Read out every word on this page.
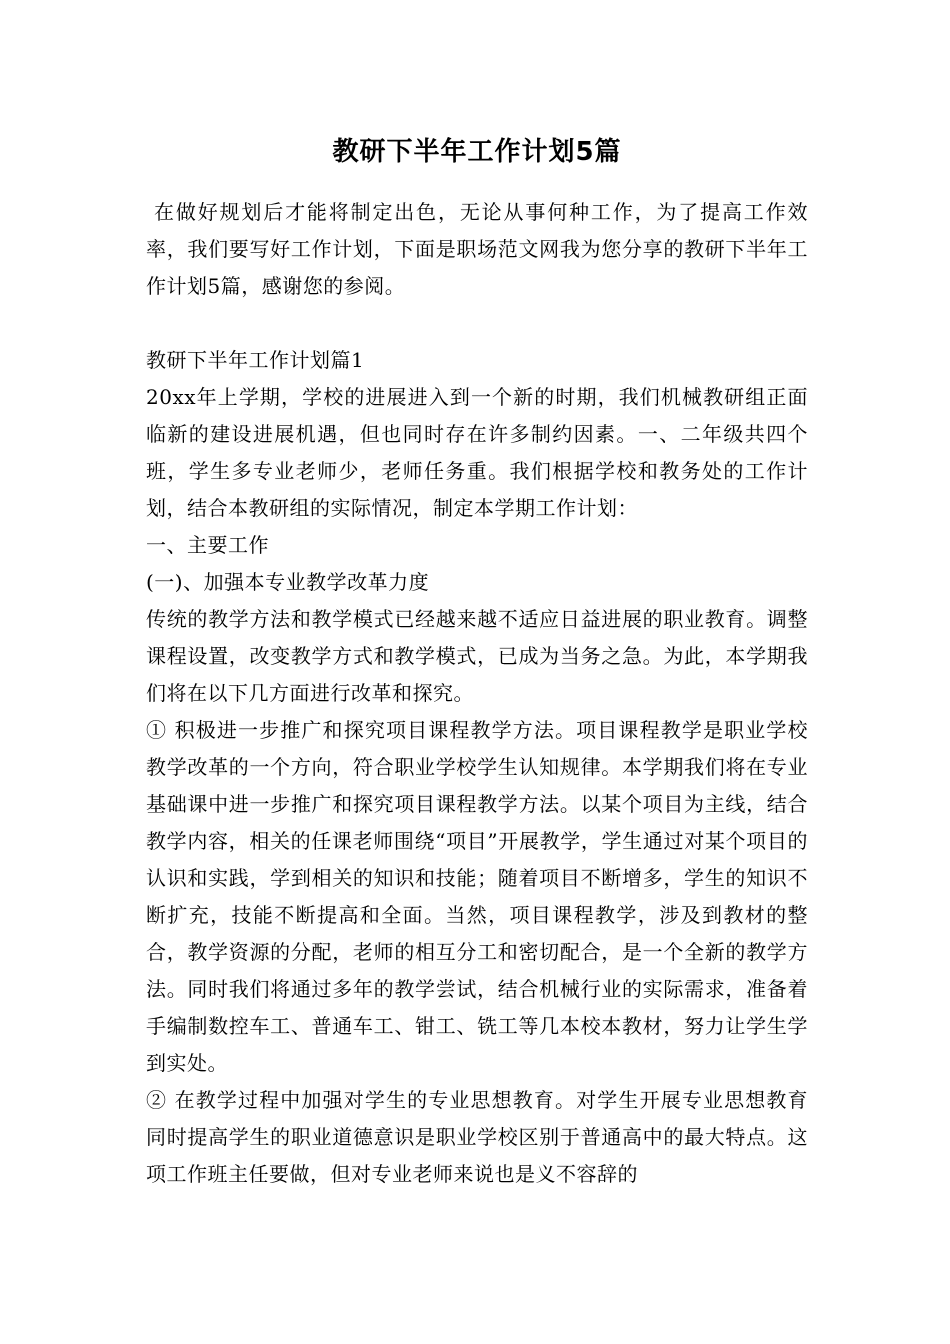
教研下半年工作计划5篇

在做好规划后才能将制定出色，无论从事何种工作，为了提高工作效率，我们要写好工作计划，下面是职场范文网我为您分享的教研下半年工作计划5篇，感谢您的参阅。

教研下半年工作计划篇1

20xx年上学期，学校的进展进入到一个新的时期，我们机械教研组正面临新的建设进展机遇，但也同时存在许多制约因素。一、二年级共四个班，学生多专业老师少，老师任务重。我们根据学校和教务处的工作计划，结合本教研组的实际情况，制定本学期工作计划：

一、主要工作

(一)、加强本专业教学改革力度

传统的教学方法和教学模式已经越来越不适应日益进展的职业教育。调整课程设置，改变教学方式和教学模式，已成为当务之急。为此，本学期我们将在以下几方面进行改革和探究。

① 积极进一步推广和探究项目课程教学方法。项目课程教学是职业学校教学改革的一个方向，符合职业学校学生认知规律。本学期我们将在专业基础课中进一步推广和探究项目课程教学方法。以某个项目为主线，结合教学内容，相关的任课老师围绕“项目”开展教学，学生通过对某个项目的认识和实践，学到相关的知识和技能；随着项目不断增多，学生的知识不断扩充，技能不断提高和全面。当然，项目课程教学，涉及到教材的整合，教学资源的分配，老师的相互分工和密切配合，是一个全新的教学方法。同时我们将通过多年的教学尝试，结合机械行业的实际需求，准备着手编制数控车工、普通车工、钳工、铣工等几本校本教材，努力让学生学到实处。

② 在教学过程中加强对学生的专业思想教育。对学生开展专业思想教育同时提高学生的职业道德意识是职业学校区别于普通高中的最大特点。这项工作班主任要做，但对专业老师来说也是义不容辞的
